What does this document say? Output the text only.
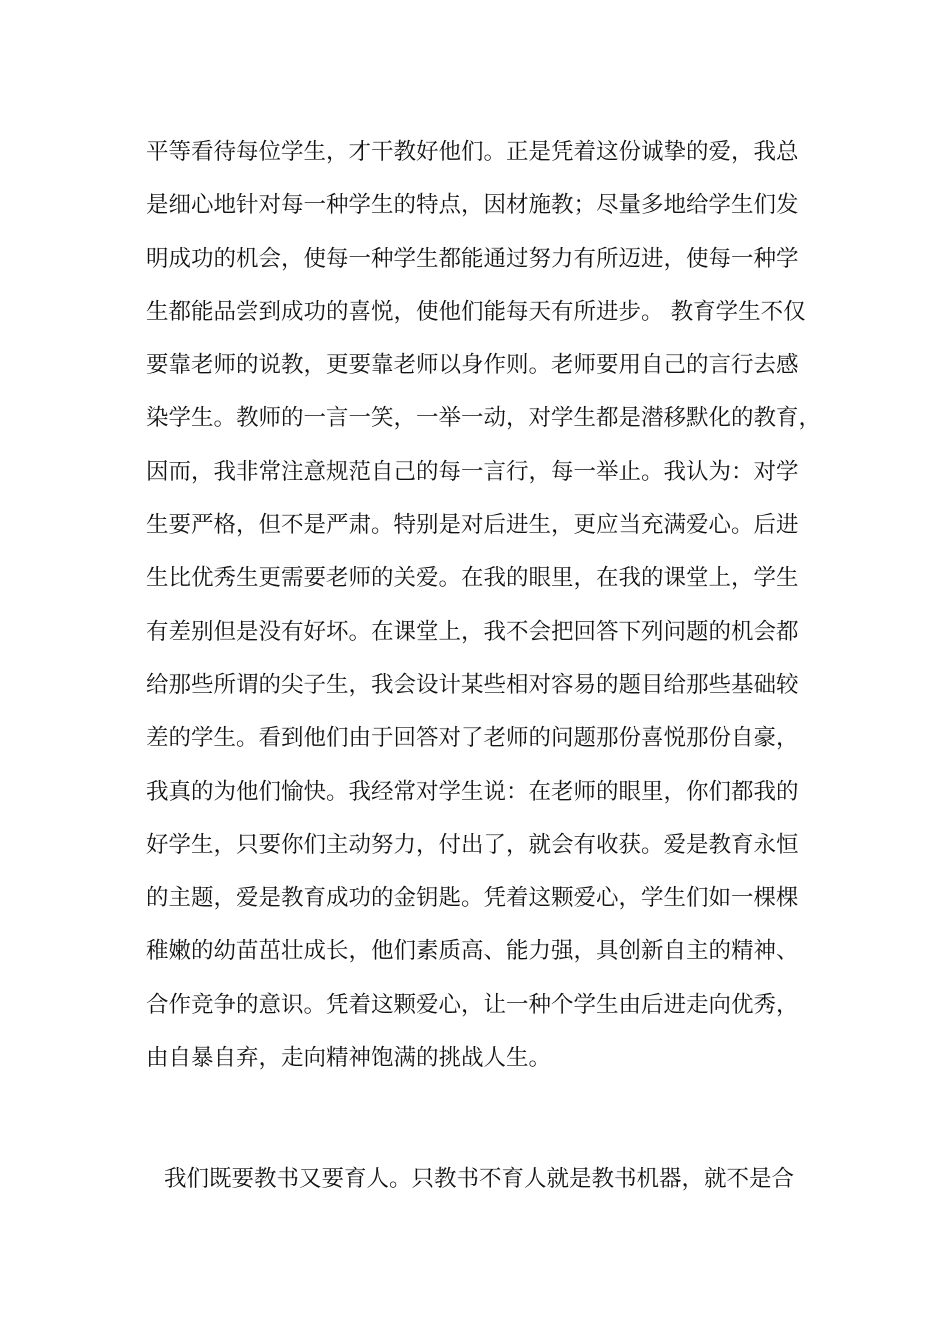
平等看待每位学生，才干教好他们。正是凭着这份诚挚的爱，我总
是细心地针对每一种学生的特点，因材施教；尽量多地给学生们发
明成功的机会，使每一种学生都能通过努力有所迈进，使每一种学
生都能品尝到成功的喜悦，使他们能每天有所进步。 教育学生不仅
要靠老师的说教，更要靠老师以身作则。老师要用自己的言行去感
染学生。教师的一言一笑，一举一动，对学生都是潜移默化的教育，
因而，我非常注意规范自己的每一言行，每一举止。我认为：对学
生要严格，但不是严肃。特别是对后进生，更应当充满爱心。后进
生比优秀生更需要老师的关爱。在我的眼里，在我的课堂上，学生
有差别但是没有好坏。在课堂上，我不会把回答下列问题的机会都
给那些所谓的尖子生，我会设计某些相对容易的题目给那些基础较
差的学生。看到他们由于回答对了老师的问题那份喜悦那份自豪，
我真的为他们愉快。我经常对学生说：在老师的眼里，你们都我的
好学生，只要你们主动努力，付出了，就会有收获。爱是教育永恒
的主题，爱是教育成功的金钥匙。凭着这颗爱心，学生们如一棵棵
稚嫩的幼苗茁壮成长，他们素质高、能力强，具创新自主的精神、
合作竞争的意识。凭着这颗爱心，让一种个学生由后进走向优秀，
由自暴自弃，走向精神饱满的挑战人生。
我们既要教书又要育人。只教书不育人就是教书机器，就不是合
